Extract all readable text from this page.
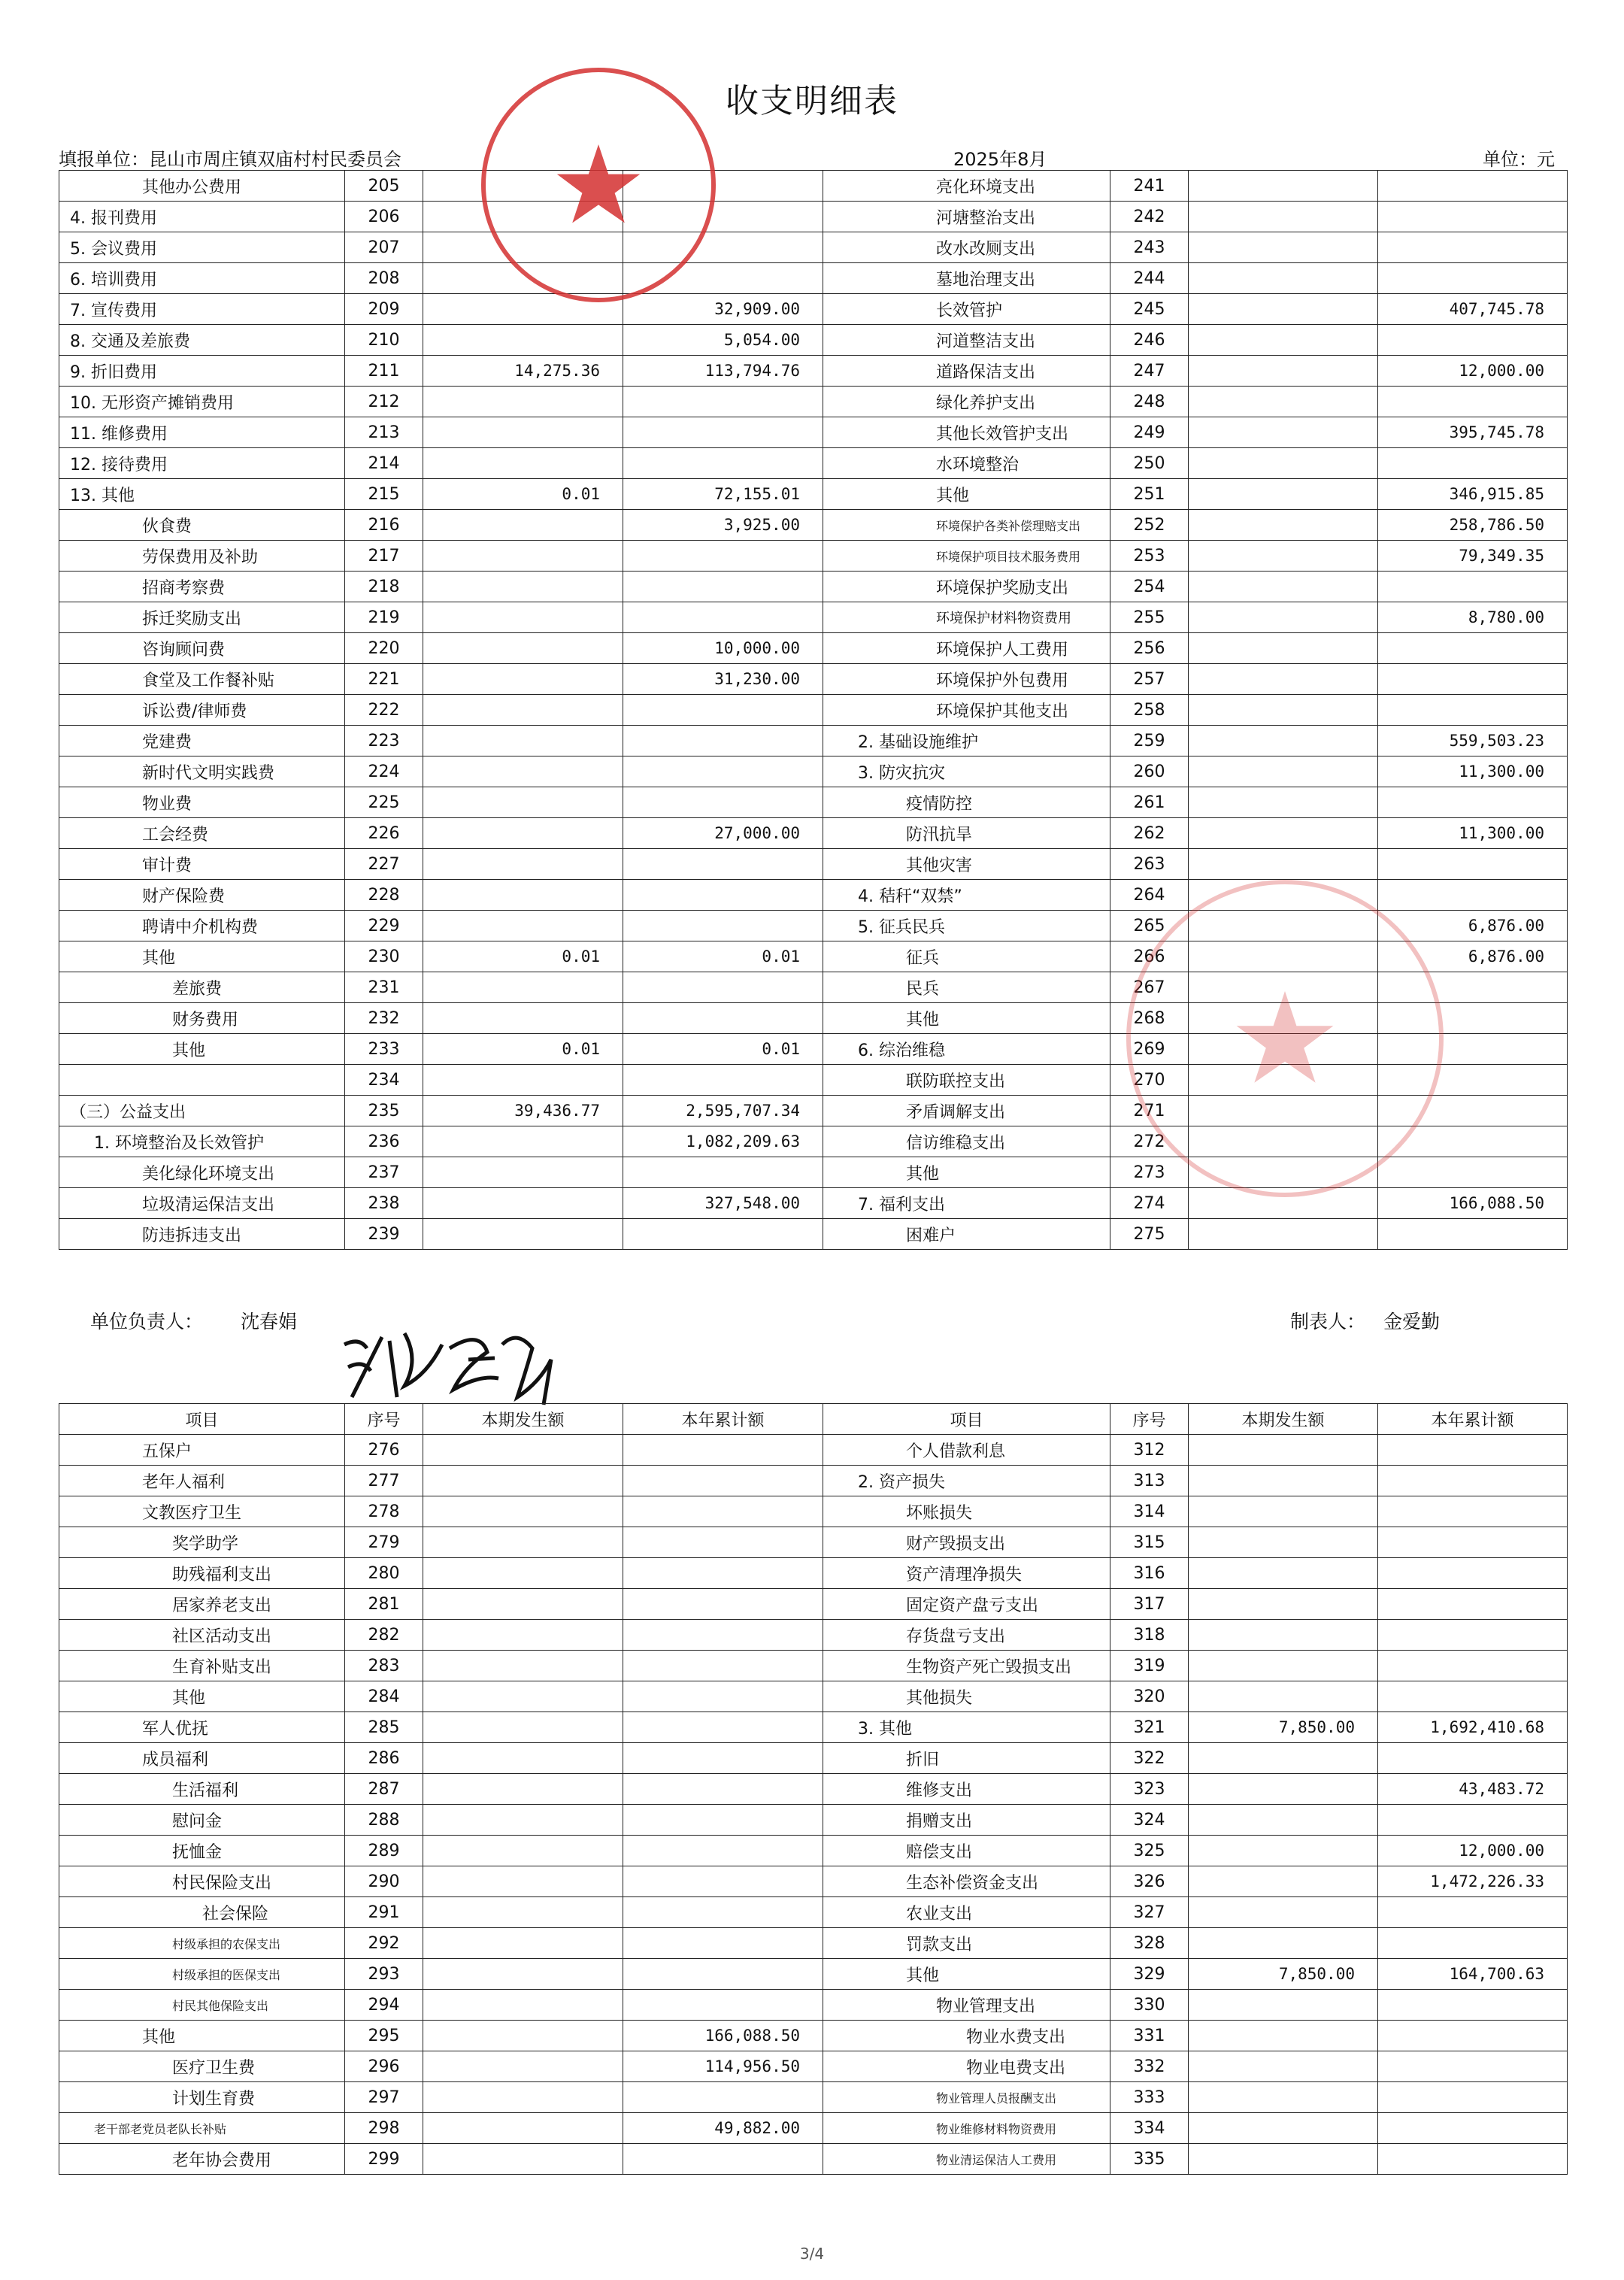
收支明细表
填报单位：昆山市周庄镇双庙村村民委员会	2025年8月	单位：元
其他办公费用	205			亮化环境支出	241		
4. 报刊费用	206			河塘整治支出	242		
5. 会议费用	207			改水改厕支出	243		
6. 培训费用	208			墓地治理支出	244		
7. 宣传费用	209		32,909.00	长效管护	245		407,745.78
8. 交通及差旅费	210		5,054.00	河道整洁支出	246		
9. 折旧费用	211	14,275.36	113,794.76	道路保洁支出	247		12,000.00
10. 无形资产摊销费用	212			绿化养护支出	248		
11. 维修费用	213			其他长效管护支出	249		395,745.78
12. 接待费用	214			水环境整治	250		
13. 其他	215	0.01	72,155.01	其他	251		346,915.85
伙食费	216		3,925.00	环境保护各类补偿理赔支出	252		258,786.50
劳保费用及补助	217			环境保护项目技术服务费用	253		79,349.35
招商考察费	218			环境保护奖励支出	254		
拆迁奖励支出	219			环境保护材料物资费用	255		8,780.00
咨询顾问费	220		10,000.00	环境保护人工费用	256		
食堂及工作餐补贴	221		31,230.00	环境保护外包费用	257		
诉讼费/律师费	222			环境保护其他支出	258		
党建费	223			2. 基础设施维护	259		559,503.23
新时代文明实践费	224			3. 防灾抗灾	260		11,300.00
物业费	225			疫情防控	261		
工会经费	226		27,000.00	防汛抗旱	262		11,300.00
审计费	227			其他灾害	263		
财产保险费	228			4. 秸秆“双禁”	264		
聘请中介机构费	229			5. 征兵民兵	265		6,876.00
其他	230	0.01	0.01	征兵	266		6,876.00
差旅费	231			民兵	267		
财务费用	232			其他	268		
其他	233	0.01	0.01	6. 综治维稳	269		
	234			联防联控支出	270		
（三）公益支出	235	39,436.77	2,595,707.34	矛盾调解支出	271		
1. 环境整治及长效管护	236		1,082,209.63	信访维稳支出	272		
美化绿化环境支出	237			其他	273		
垃圾清运保洁支出	238		327,548.00	7. 福利支出	274		166,088.50
防违拆违支出	239			困难户	275		
单位负责人： 沈春娟	制表人： 金爱勤
项目	序号	本期发生额	本年累计额	项目	序号	本期发生额	本年累计额
五保户	276			个人借款利息	312		
老年人福利	277			2. 资产损失	313		
文教医疗卫生	278			坏账损失	314		
奖学助学	279			财产毁损支出	315		
助残福利支出	280			资产清理净损失	316		
居家养老支出	281			固定资产盘亏支出	317		
社区活动支出	282			存货盘亏支出	318		
生育补贴支出	283			生物资产死亡毁损支出	319		
其他	284			其他损失	320		
军人优抚	285			3. 其他	321	7,850.00	1,692,410.68
成员福利	286			折旧	322		
生活福利	287			维修支出	323		43,483.72
慰问金	288			捐赠支出	324		
抚恤金	289			赔偿支出	325		12,000.00
村民保险支出	290			生态补偿资金支出	326		1,472,226.33
社会保险	291			农业支出	327		
村级承担的农保支出	292			罚款支出	328		
村级承担的医保支出	293			其他	329	7,850.00	164,700.63
村民其他保险支出	294			物业管理支出	330		
其他	295		166,088.50	物业水费支出	331		
医疗卫生费	296		114,956.50	物业电费支出	332		
计划生育费	297			物业管理人员报酬支出	333		
老干部老党员老队长补贴	298		49,882.00	物业维修材料物资费用	334		
老年协会费用	299			物业清运保洁人工费用	335		
3/4
